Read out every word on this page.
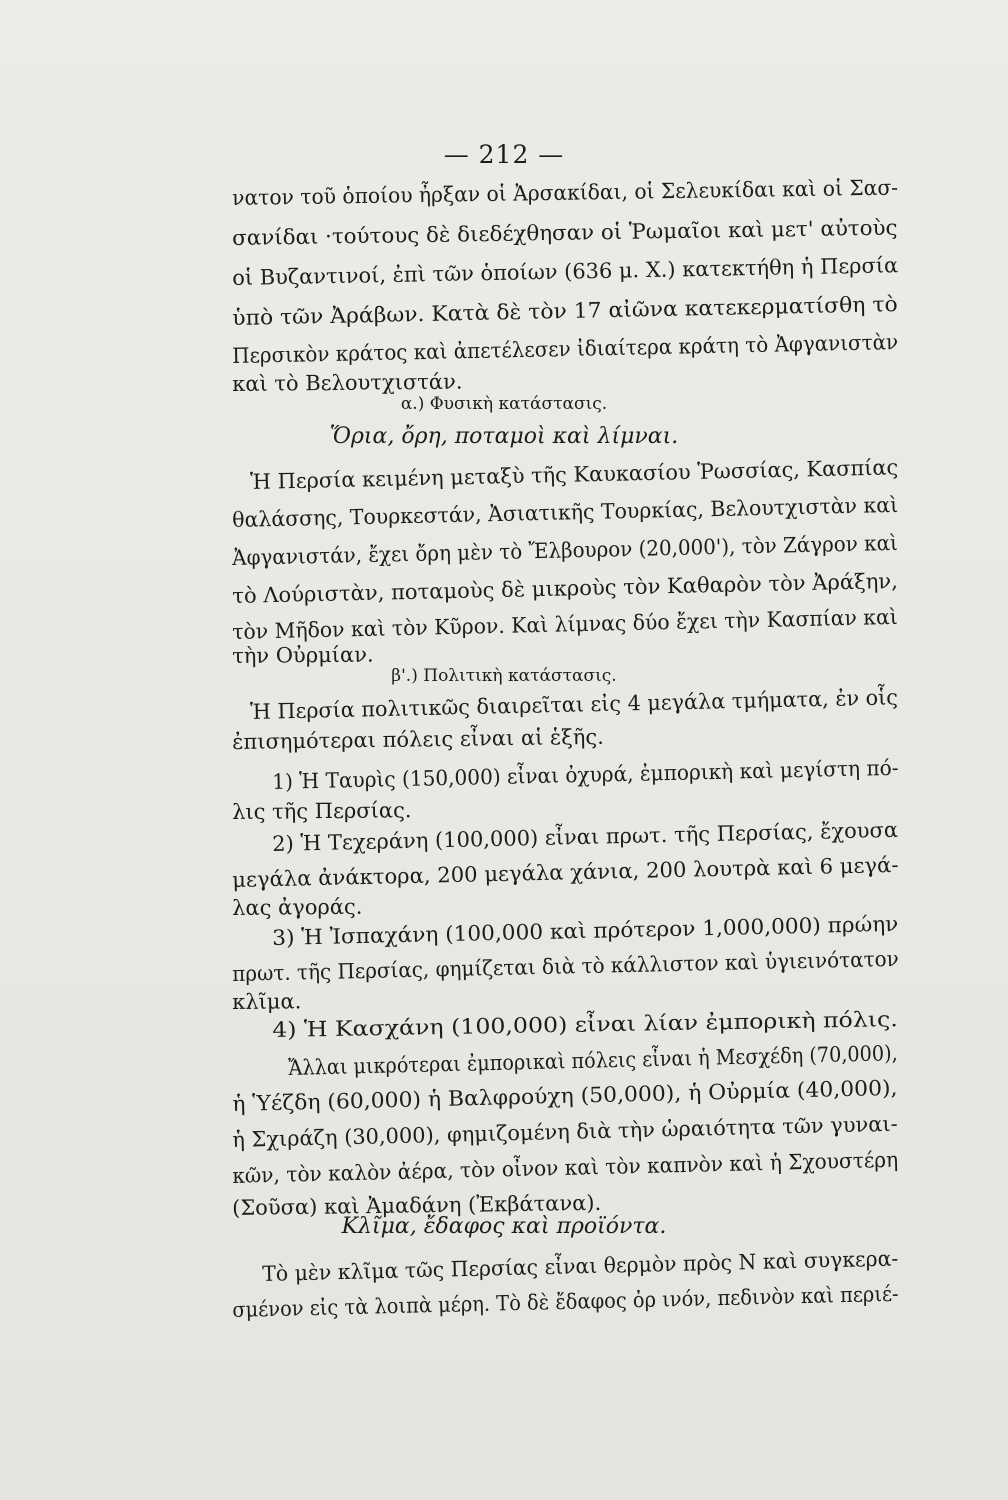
— 212 —
νατον τοῦ ὁποίου ἦρξαν οἱ Ἀρσακίδαι, οἱ Σελευκίδαι καὶ οἱ Σασ-
σανίδαι ·τούτους δὲ διεδέχθησαν οἱ Ῥωμαῖοι καὶ μετ' αὐτοὺς
οἱ Βυζαντινοί, ἐπὶ τῶν ὁποίων (636 μ. Χ.) κατεκτήθη ἡ Περσία
ὑπὸ τῶν Ἀράβων. Κατὰ δὲ τὸν 17 αἰῶνα κατεκερματίσθη τὸ
Περσικὸν κράτος καὶ ἀπετέλεσεν ἰδιαίτερα κράτη τὸ Ἀφγανιστὰν
καὶ τὸ Βελουτχιστάν.
α.) Φυσικὴ κατάστασις.
Ὅρια, ὄρη, ποταμοὶ καὶ λίμναι.
Ἡ Περσία κειμένη μεταξὺ τῆς Καυκασίου Ῥωσσίας, Κασπίας
θαλάσσης, Τουρκεστάν, Ἀσιατικῆς Τουρκίας, Βελουτχιστὰν καὶ
Ἀφγανιστάν, ἔχει ὄρη μὲν τὸ Ἔλβουρον (20,000'), τὸν Ζάγρον καὶ
τὸ Λούριστὰν, ποταμοὺς δὲ μικροὺς τὸν Καθαρὸν τὸν Ἀράξην,
τὸν Μῆδον καὶ τὸν Κῦρον. Καὶ λίμνας δύο ἔχει τὴν Κασπίαν καὶ
τὴν Οὐρμίαν.
β'.) Πολιτικὴ κατάστασις.
Ἡ Περσία πολιτικῶς διαιρεῖται εἰς 4 μεγάλα τμήματα, ἐν οἷς
ἐπισημότεραι πόλεις εἶναι αἱ ἑξῆς.
1) Ἡ Ταυρὶς (150,000) εἶναι ὀχυρά, ἐμπορικὴ καὶ μεγίστη πό-
λις τῆς Περσίας.
2) Ἡ Τεχεράνη (100,000) εἶναι πρωτ. τῆς Περσίας, ἔχουσα
μεγάλα ἀνάκτορα, 200 μεγάλα χάνια, 200 λουτρὰ καὶ 6 μεγά-
λας ἀγοράς.
3) Ἡ Ἰσπαχάνη (100,000 καὶ πρότερον 1,000,000) πρώην
πρωτ. τῆς Περσίας, φημίζεται διὰ τὸ κάλλιστον καὶ ὑγιεινότατον
κλῖμα.
4) Ἡ Κασχάνη (100,000) εἶναι λίαν ἐμπορικὴ πόλις.
Ἄλλαι μικρότεραι ἐμπορικαὶ πόλεις εἶναι ἡ Μεσχέδη (70,000),
ἡ Ὑέζδη (60,000) ἡ Βαλφρούχη (50,000), ἡ Οὐρμία (40,000),
ἡ Σχιράζη (30,000), φημιζομένη διὰ τὴν ὡραιότητα τῶν γυναι-
κῶν, τὸν καλὸν ἀέρα, τὸν οἶνον καὶ τὸν καπνὸν καὶ ἡ Σχουστέρη
(Σοῦσα) καὶ Ἀμαδάνη (Ἐκβάτανα).
Κλῖμα, ἔδαφος καὶ προϊόντα.
Τὸ μὲν κλῖμα τῶς Περσίας εἶναι θερμὸν πρὸς Ν καὶ συγκερα-
σμένον εἰς τὰ λοιπὰ μέρη. Τὸ δὲ ἔδαφος ὀρ ινόν, πεδινὸν καὶ περιέ-
